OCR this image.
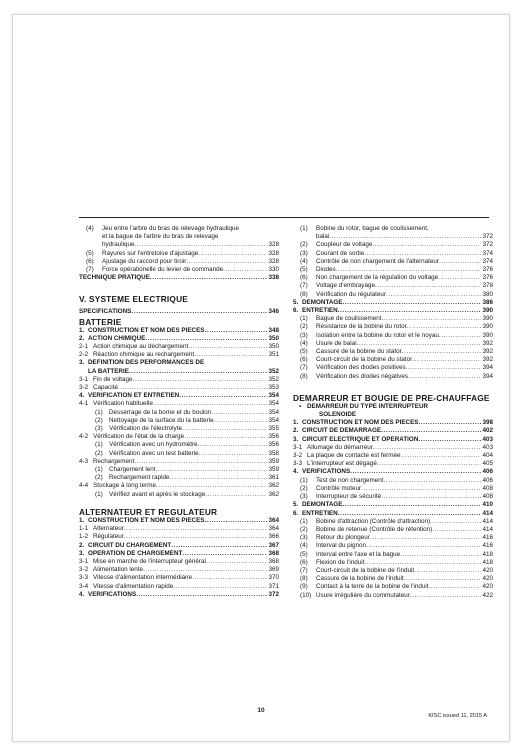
(4)	Jeu entre l'arbre du bras de relevage hydraulique
et la bague de l'arbre du bras de relevage
hydraulique .....	328
(5)	Rayures sur l'entretoise d'ajustage .....	328
(6)	Ajustage du raccord pour tiroir .....	328
(7)	Force opérationelle du levier de commande .....	330
TECHNIQUE PRATIQUE .....	338
V. SYSTEME ELECTRIQUE
SPECIFICATIONS .....	346
BATTERIE
1. CONSTRUCTION ET NOM DES PIECES .....	348
2. ACTION CHIMIQUE .....	350
2-1 Action chimique au déchargement .....	350
2-2 Réaction chimique au rechargement .....	351
3. DEFINITION DES PERFORMANCES DE
LA BATTERIE .....	352
3-1 Fin de voltage .....	352
3-2 Capacité .....	353
4. VERIFICATION ET ENTRETIEN .....	354
4-1 Vérification habituelle .....	354
(1) Desserrage de la borne et du boulon .....	354
(2) Nettoyage de la surface du la batterie .....	354
(3) Vérification de l'électrolyte .....	355
4-2 Vérification de l'état de la charge .....	356
(1) Vérification avec un hydromètre .....	356
(2) Vérification avec un test batterie .....	358
4-3 Rechargement .....	359
(1) Chargement lent .....	359
(2) Rechargement rapide .....	361
4-4 Stockage à long terme .....	362
(1) Vérifiez avant et après le stockage .....	362
ALTERNATEUR ET REGULATEUR
1. CONSTRUCTION ET NOM DES PIECES .....	364
1-1 Alternateur .....	364
1-2 Régulateur .....	366
2. CIRCUIT DU CHARGEMENT .....	367
3. OPERATION DE CHARGEMENT .....	368
3-1 Mise en marche de l'interrupteur général .....	368
3-2 Alimentation lente .....	369
3-3 Vitesse d'alimentation intermédiaire .....	370
3-4 Vitesse d'alimentation rapide .....	371
4. VERIFICATIONS .....	372
(1)	Bobine du rotor, bague de coulissement,
balai .....	372
(2)	Coupleur de voltage .....	372
(3)	Courant de sortie .....	374
(4)	Contrôle de non chargement de l'alternateur .....	374
(5)	Diodes .....	376
(6)	Non chargement de la régulation du voltage .....	376
(7)	Voltage d'embrayage .....	378
(8)	Vérification du régulateur .....	380
5. DEMONTAGE .....	386
6. ENTRETIEN .....	390
(1)	Bague de coulissement .....	390
(2)	Résistance de la bobine du rotor .....	390
(3)	Isolation entre la bobine du rotor et le noyau .....	390
(4)	Usure de balai .....	392
(5)	Cassure de la bobine du stator .....	392
(6)	Court-circuit de la bobine du stator .....	392
(7)	Vérification des diodes positives .....	394
(8)	Vérification des diodes négatives .....	394
DEMARREUR ET BOUGIE DE PRE-CHAUFFAGE
▪ DEMARREUR DU TYPE INTERRUPTEUR
SOLENOIDE
1. CONSTRUCTION ET NOM DES PIECES .....	398
2. CIRCUIT DE DEMARRAGE .....	402
3. CIRCUIT ELECTRIQUE ET OPERATION .....	403
3-1 Allumage du démarreur .....	403
3-2 La plaque de contacte est fermée .....	404
3-3 L'interrupteur est dégagé .....	405
4. VERIFICATIONS .....	406
(1)	Test de non chargement .....	406
(2)	Contrôle moteur .....	408
(3)	Interrupteur de sécurité .....	408
5. DEMONTAGE .....	410
6. ENTRETIEN .....	414
(1)	Bobine d'attraction (Contrôle d'attraction) .....	414
(2)	Bobine de retenue (Contrôle de rétention) .....	414
(3)	Retour du plongeur .....	416
(4)	Interval du pignon .....	416
(5)	Interval entre l'axe et la bague .....	418
(6)	Flexion de l'induit .....	418
(7)	Court-circuit de la bobine de l'induit .....	420
(8)	Cassure de la bobine de l'induit .....	420
(9)	Contact à la terre de la bobine de l'induit .....	420
(10) Usure irrégulière du commutateur .....	422
10
KISC issued 11, 2015 A
